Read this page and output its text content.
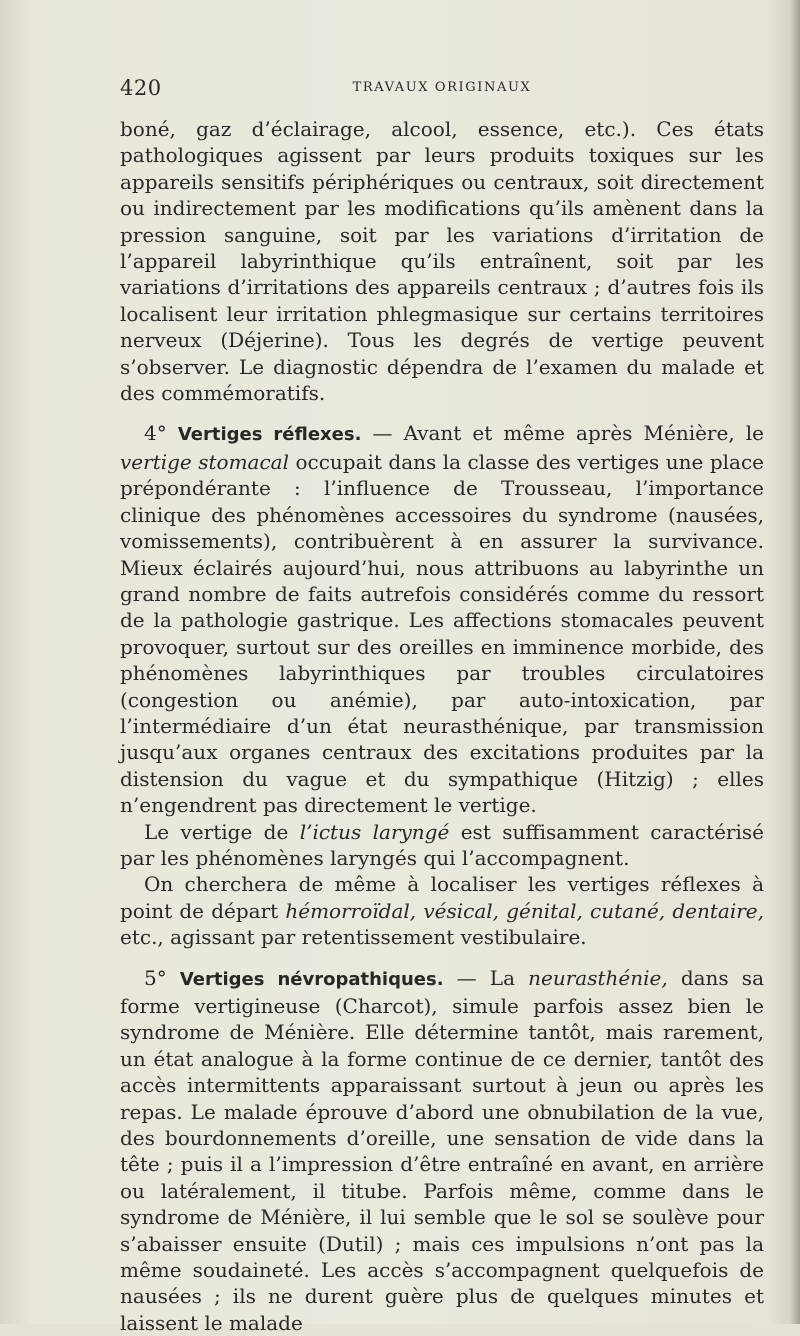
420	TRAVAUX ORIGINAUX

boné, gaz d’éclairage, alcool, essence, etc.). Ces états pathologiques agissent par leurs produits toxiques sur les appareils sensitifs périphériques ou centraux, soit directement ou indirectement par les modifications qu’ils amènent dans la pression sanguine, soit par les variations d’irritation de l’appareil labyrinthique qu’ils entraînent, soit par les variations d’irritations des appareils centraux ; d’autres fois ils localisent leur irritation phlegmasique sur certains territoires nerveux (Déjerine). Tous les degrés de vertige peuvent s’observer. Le diagnostic dépendra de l’examen du malade et des commémoratifs.

4° Vertiges réflexes. — Avant et même après Ménière, le vertige stomacal occupait dans la classe des vertiges une place prépondérante : l’influence de Trousseau, l’importance clinique des phénomènes accessoires du syndrome (nausées, vomissements), contribuèrent à en assurer la survivance. Mieux éclairés aujourd’hui, nous attribuons au labyrinthe un grand nombre de faits autrefois considérés comme du ressort de la pathologie gastrique. Les affections stomacales peuvent provoquer, surtout sur des oreilles en imminence morbide, des phénomènes labyrinthiques par troubles circulatoires (congestion ou anémie), par auto-intoxication, par l’intermédiaire d’un état neurasthénique, par transmission jusqu’aux organes centraux des excitations produites par la distension du vague et du sympathique (Hitzig) ; elles n’engendrent pas directement le vertige.

Le vertige de l’ictus laryngé est suffisamment caractérisé par les phénomènes laryngés qui l’accompagnent.

On cherchera de même à localiser les vertiges réflexes à point de départ hémorroïdal, vésical, génital, cutané, dentaire, etc., agissant par retentissement vestibulaire.

5° Vertiges névropathiques. — La neurasthénie, dans sa forme vertigineuse (Charcot), simule parfois assez bien le syndrome de Ménière. Elle détermine tantôt, mais rarement, un état analogue à la forme continue de ce dernier, tantôt des accès intermittents apparaissant surtout à jeun ou après les repas. Le malade éprouve d’abord une obnubilation de la vue, des bourdonnements d’oreille, une sensation de vide dans la tête ; puis il a l’impression d’être entraîné en avant, en arrière ou latéralement, il titube. Parfois même, comme dans le syndrome de Ménière, il lui semble que le sol se soulève pour s’abaisser ensuite (Dutil) ; mais ces impulsions n’ont pas la même soudaineté. Les accès s’accompagnent quelquefois de nausées ; ils ne durent guère plus de quelques minutes et laissent le malade
